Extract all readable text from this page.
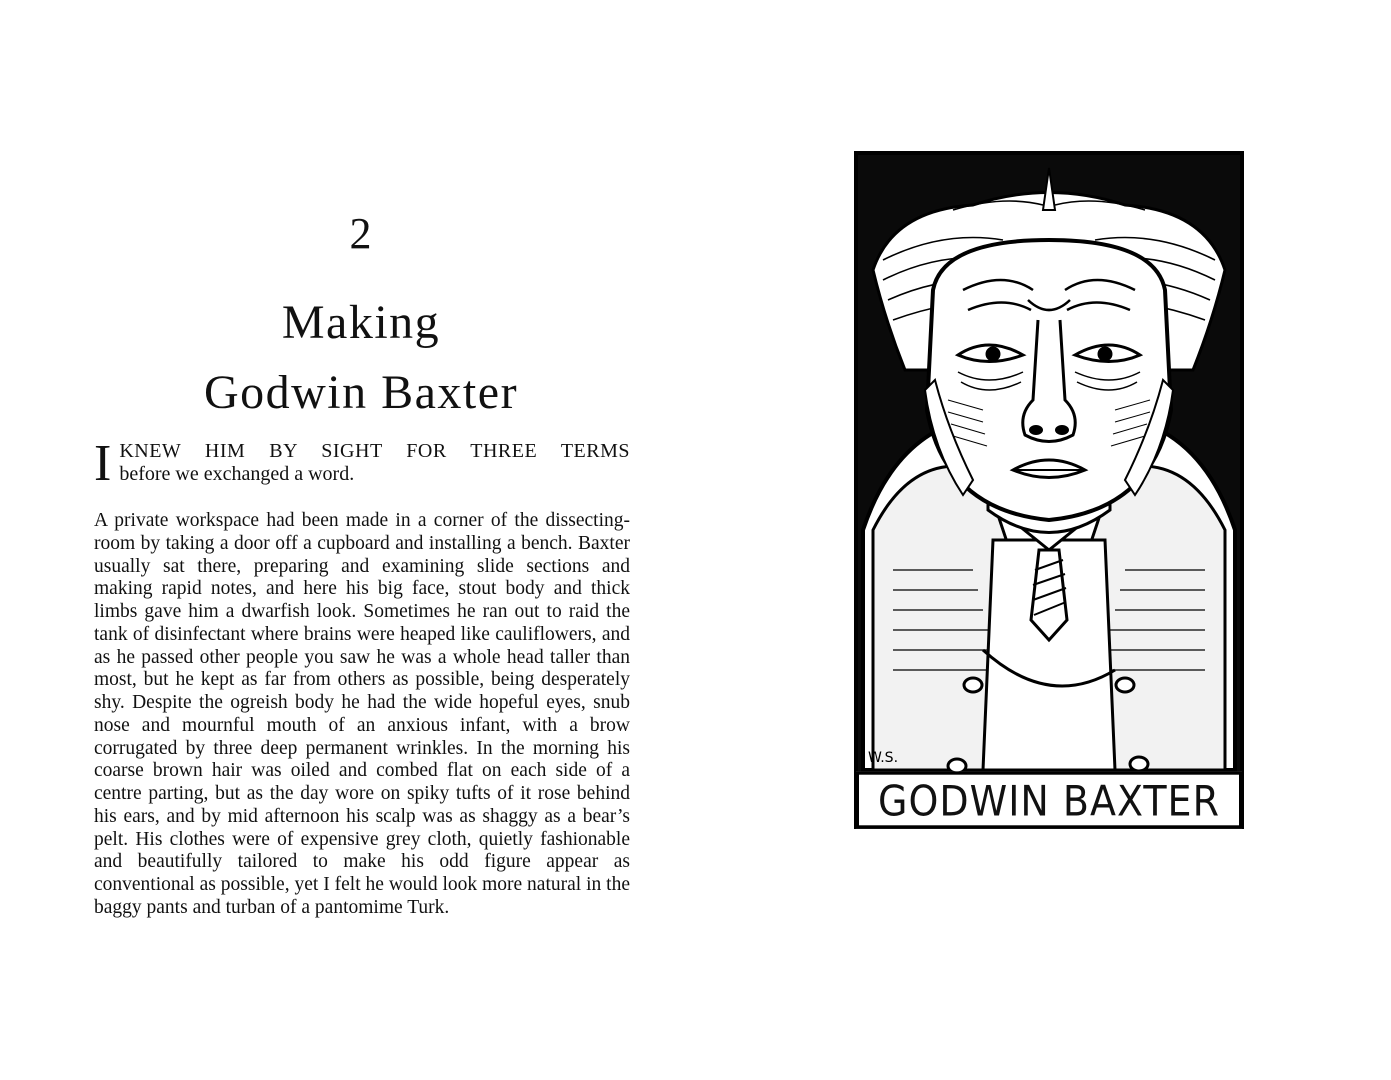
2
Making
Godwin Baxter
I KNEW HIM BY SIGHT FOR THREE TERMS
before we exchanged a word.
A private workspace had been made in a corner of the dissecting-room by taking a door off a cupboard and installing a bench. Baxter usually sat there, preparing and examining slide sections and making rapid notes, and here his big face, stout body and thick limbs gave him a dwarfish look. Sometimes he ran out to raid the tank of disinfectant where brains were heaped like cauliflowers, and as he passed other people you saw he was a whole head taller than most, but he kept as far from others as possible, being desperately shy. Despite the ogreish body he had the wide hopeful eyes, snub nose and mournful mouth of an anxious infant, with a brow corrugated by three deep permanent wrinkles. In the morning his coarse brown hair was oiled and combed flat on each side of a centre parting, but as the day wore on spiky tufts of it rose behind his ears, and by mid afternoon his scalp was as shaggy as a bear’s pelt. His clothes were of expensive grey cloth, quietly fashionable and beautifully tailored to make his odd figure appear as conventional as possible, yet I felt he would look more natural in the baggy pants and turban of a pantomime Turk.
W.S.
GODWIN BAXTER
